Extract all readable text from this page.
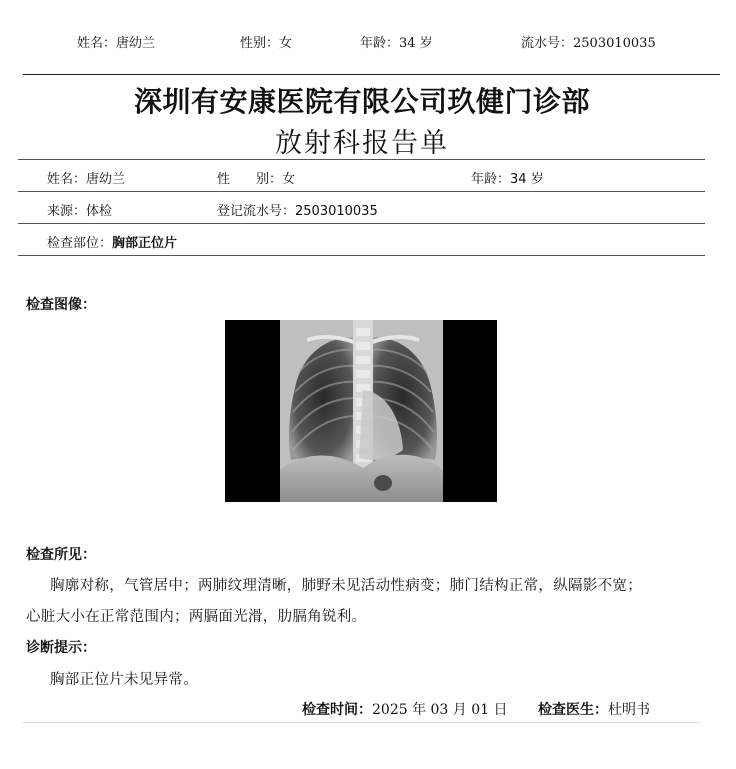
姓名：唐幼兰	性别：女	年龄：34 岁	流水号：2503010035
深圳有安康医院有限公司玖健门诊部
放射科报告单
姓名：唐幼兰	性　　别：女	年龄：34 岁
来源：体检	登记流水号：2503010035
检查部位：胸部正位片
检查图像：
检查所见：
胸廓对称，气管居中；两肺纹理清晰，肺野未见活动性病变；肺门结构正常，纵隔影不宽；
心脏大小在正常范围内；两膈面光滑，肋膈角锐利。
诊断提示：
胸部正位片未见异常。
检查时间：2025 年 03 月 01 日 检查医生：杜明书
